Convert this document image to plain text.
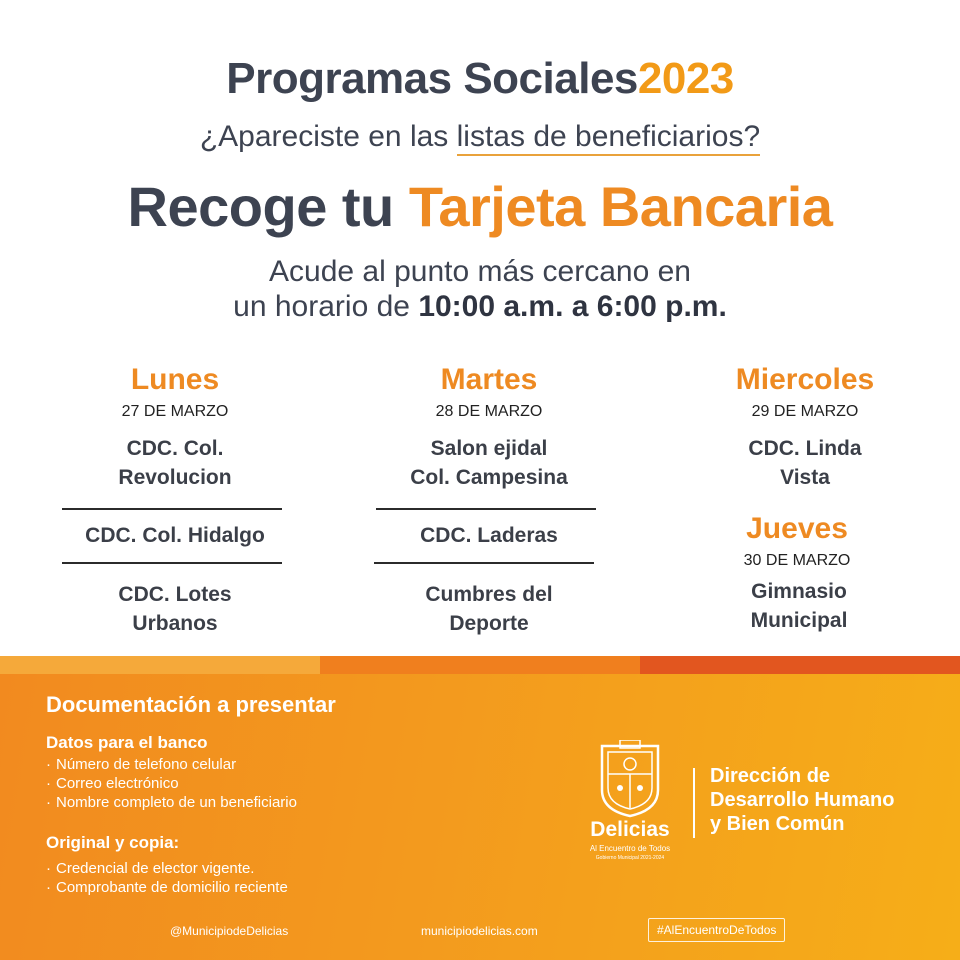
Programas Sociales2023
¿Apareciste en las listas de beneficiarios?
Recoge tu Tarjeta Bancaria
Acude al punto más cercano en
un horario de 10:00 a.m. a 6:00 p.m.
Lunes
27 DE MARZO
CDC. Col.
Revolucion
CDC. Col. Hidalgo
CDC. Lotes
Urbanos
Martes
28 DE MARZO
Salon ejidal
Col. Campesina
CDC. Laderas
Cumbres del
Deporte
Miercoles
29 DE MARZO
CDC. Linda
Vista
Jueves
30 DE MARZO
Gimnasio
Municipal
Documentación a presentar
Datos para el banco
· Número de telefono celular
· Correo electrónico
· Nombre completo de un beneficiario
Original y copia:
· Credencial de elector vigente.
· Comprobante de domicilio reciente
Delicias
Al Encuentro de Todos
Gobierno Municipal 2021-2024
Dirección de
Desarrollo Humano
y Bien Común
@MunicipiodeDelicias	municipiodelicias.com	#AlEncuentroDeTodos
